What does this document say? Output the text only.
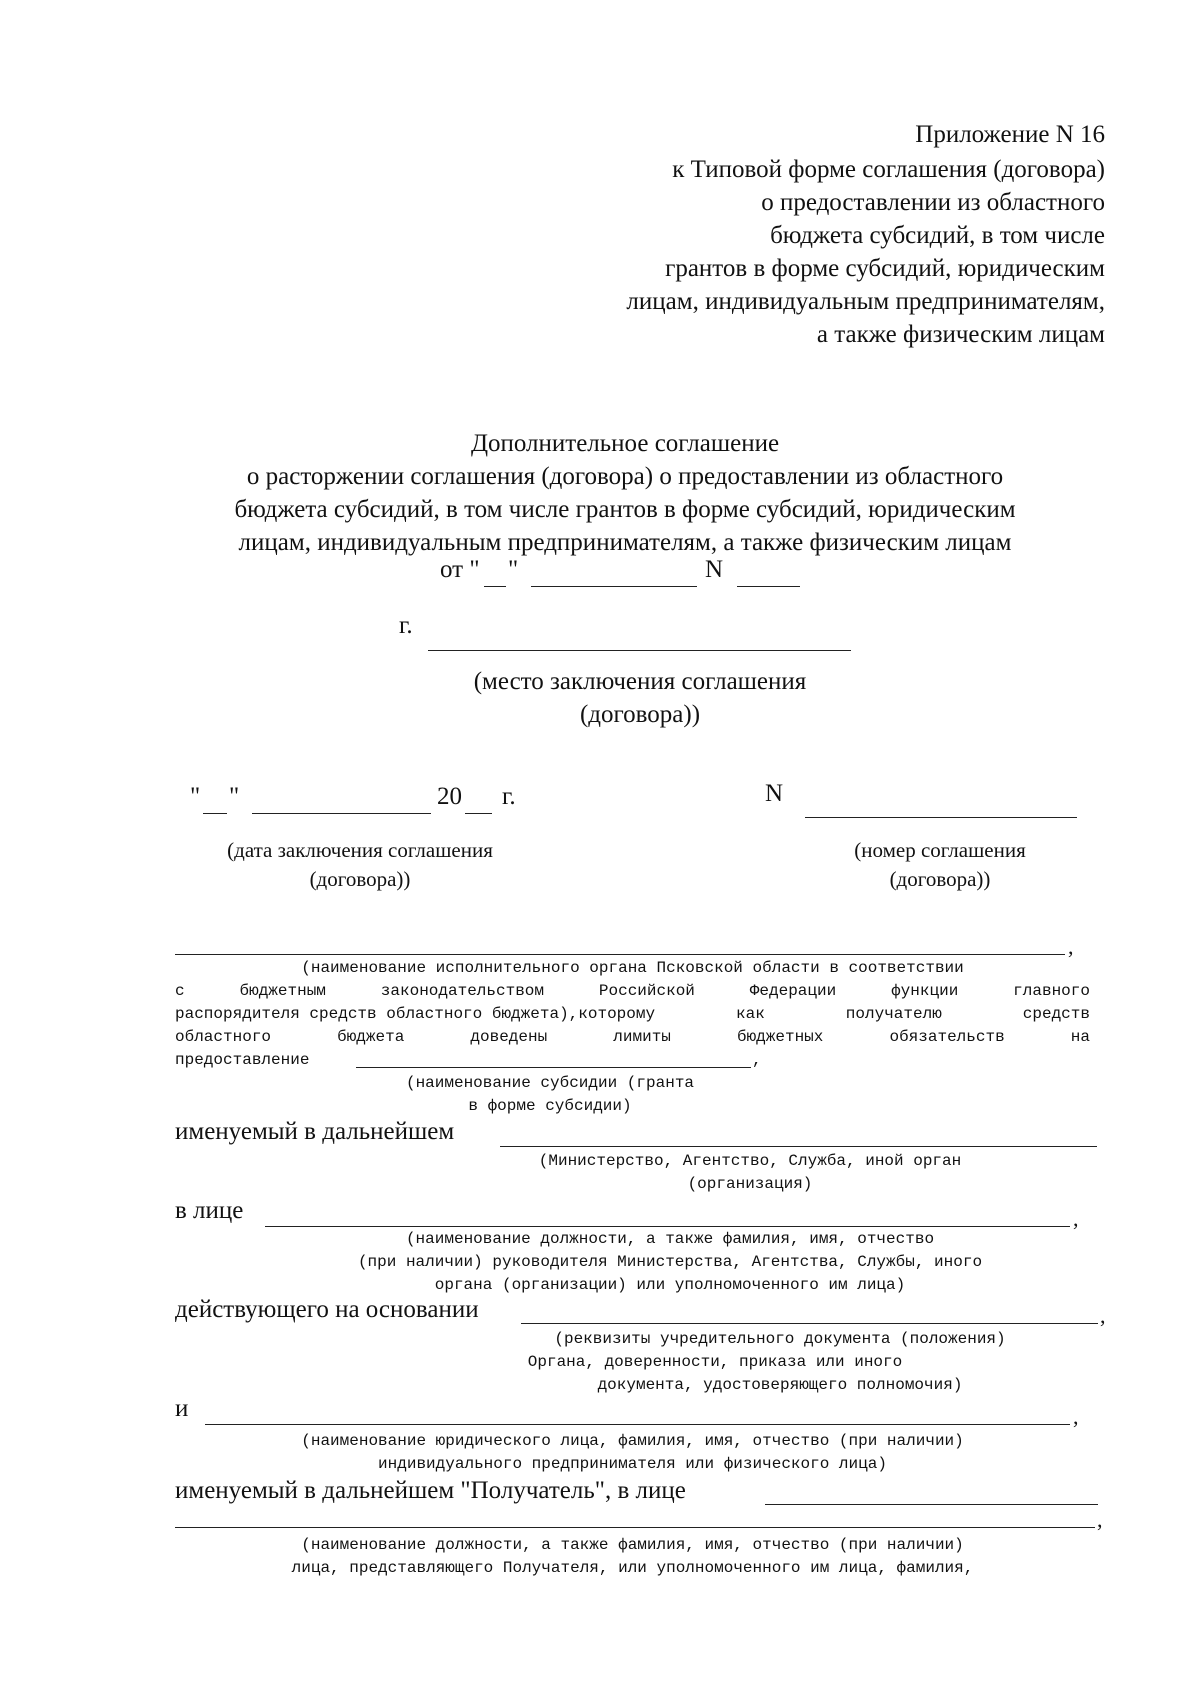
Приложение N 16
к Типовой форме соглашения (договора)
о предоставлении из областного
бюджета субсидий, в том числе
грантов в форме субсидий, юридическим
лицам, индивидуальным предпринимателям,
а также физическим лицам
Дополнительное соглашение
о расторжении соглашения (договора) о предоставлении из областного
бюджета субсидий, в том числе грантов в форме субсидий, юридическим
лицам, индивидуальным предпринимателям, а также физическим лицам
от " "	N
г.
(место заключения соглашения
(договора))
" "	20 г.	N
(дата заключения соглашения
(договора))
(номер соглашения
(договора))
,
(наименование исполнительного органа Псковской области в соответствии
с	бюджетным	законодательством	Российской	Федерации	функции	главного
распорядителя средств областного бюджета),которому	как	получателю	средств
областного	бюджета	доведены	лимиты	бюджетных	обязательств	на
предоставление	,
(наименование субсидии (гранта
в форме субсидии)
именуемый в дальнейшем
(Министерство, Агентство, Служба, иной орган
(организация)
в лице	,
(наименование должности, а также фамилия, имя, отчество
(при наличии) руководителя Министерства, Агентства, Службы, иного
органа (организации) или уполномоченного им лица)
действующего на основании	,
(реквизиты учредительного документа (положения)
Органа, доверенности, приказа или иного
документа, удостоверяющего полномочия)
и	,
(наименование юридического лица, фамилия, имя, отчество (при наличии)
индивидуального предпринимателя или физического лица)
именуемый в дальнейшем "Получатель", в лице
,
(наименование должности, а также фамилия, имя, отчество (при наличии)
лица, представляющего Получателя, или уполномоченного им лица, фамилия,
